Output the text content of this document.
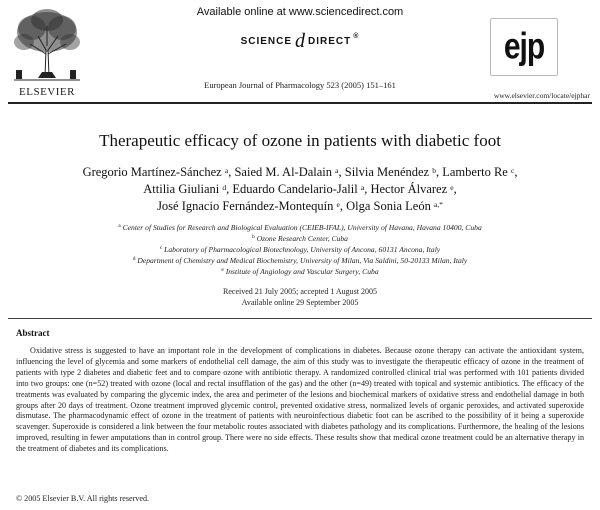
ELSEVIER
Available online at www.sciencedirect.com
SCIENCE d DIRECT ®
European Journal of Pharmacology 523 (2005) 151–161
ejp
www.elsevier.com/locate/ejphar
Therapeutic efficacy of ozone in patients with diabetic foot
Gregorio Martínez-Sánchez $^a$, Saied M. Al-Dalain $^a$, Silvia Menéndez $^b$, Lamberto Re $^c$,
Attilia Giuliani $^d$, Eduardo Candelario-Jalil $^a$, Hector Álvarez $^e$,
José Ignacio Fernández-Montequín $^e$, Olga Sonia León $^{a,*}$
$^a$ Center of Studies for Research and Biological Evaluation (CEIEB-IFAL), University of Havana, Havana 10400, Cuba
$^b$ Ozone Research Center, Cuba
$^c$ Laboratory of Pharmacological Biotechnology, University of Ancona, 60131 Ancona, Italy
$^d$ Department of Chemistry and Medical Biochemistry, University of Milan, Via Saldini, 50-20133 Milan, Italy
$^e$ Institute of Angiology and Vascular Surgery, Cuba
Received 21 July 2005; accepted 1 August 2005
Available online 29 September 2005
Abstract
Oxidative stress is suggested to have an important role in the development of complications in diabetes. Because ozone therapy can activate the antioxidant system, influencing the level of glycemia and some markers of endothelial cell damage, the aim of this study was to investigate the therapeutic efficacy of ozone in the treatment of patients with type 2 diabetes and diabetic feet and to compare ozone with antibiotic therapy. A randomized controlled clinical trial was performed with 101 patients divided into two groups: one (n=52) treated with ozone (local and rectal insufflation of the gas) and the other (n=49) treated with topical and systemic antibiotics. The efficacy of the treatments was evaluated by comparing the glycemic index, the area and perimeter of the lesions and biochemical markers of oxidative stress and endothelial damage in both groups after 20 days of treatment. Ozone treatment improved glycemic control, prevented oxidative stress, normalized levels of organic peroxides, and activated superoxide dismutase. The pharmacodynamic effect of ozone in the treatment of patients with neuroinfectious diabetic foot can be ascribed to the possibility of it being a superoxide scavenger. Superoxide is considered a link between the four metabolic routes associated with diabetes pathology and its complications. Furthermore, the healing of the lesions improved, resulting in fewer amputations than in control group. There were no side effects. These results show that medical ozone treatment could be an alternative therapy in the treatment of diabetes and its complications.
© 2005 Elsevier B.V. All rights reserved.
